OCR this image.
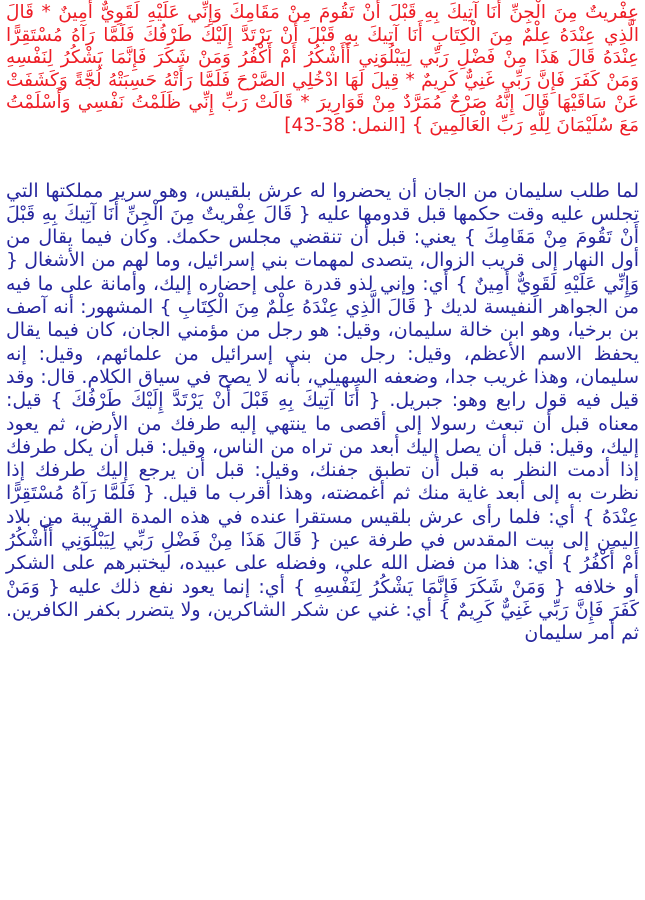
عِفْريتٌ مِنَ الْجِنِّ أَنَا آتِيكَ بِهِ قَبْلَ أَنْ تَقُومَ مِنْ مَقَامِكَ وَإِنِّي عَلَيْهِ لَقَوِيٌّ أَمِينٌ * قَالَ الَّذِي عِنْدَهُ عِلْمٌ مِنَ الْكِتَابِ أَنَا آتِيكَ بِهِ قَبْلَ أَنْ يَرْتَدَّ إِلَيْكَ طَرْفُكَ فَلَمَّا رَآهُ مُسْتَقِرًّا عِنْدَهُ قَالَ هَذَا مِنْ فَضْلِ رَبِّي لِيَبْلُوَنِي أَأَشْكُرُ أَمْ أَكْفُرُ وَمَنْ شَكَرَ فَإِنَّمَا يَشْكُرُ لِنَفْسِهِ وَمَنْ كَفَرَ فَإِنَّ رَبِّي غَنِيٌّ كَرِيمٌ * قِيلَ لَهَا ادْخُلِي الصَّرْحَ فَلَمَّا رَأَتْهُ حَسِبَتْهُ لُجَّةً وَكَشَفَتْ عَنْ سَاقَيْهَا قَالَ إِنَّهُ صَرْحٌ مُمَرَّدٌ مِنْ قَوَارِيرَ * قَالَتْ رَبِّ إِنِّي ظَلَمْتُ نَفْسِي وَأَسْلَمْتُ مَعَ سُلَيْمَانَ لِلَّهِ رَبِّ الْعَالَمِينَ } [النمل: 38-43]

لما طلب سليمان من الجان أن يحضروا له عرش بلقيس، وهو سرير مملكتها التي تجلس عليه وقت حكمها قبل قدومها عليه { قَالَ عِفْريتٌ مِنَ الْجِنِّ أَنَا آتِيكَ بِهِ قَبْلَ أَنْ تَقُومَ مِنْ مَقَامِكَ } يعني: قبل أن تنقضي مجلس حكمك. وكان فيما يقال من أول النهار إلى قريب الزوال، يتصدى لمهمات بني إسرائيل، وما لهم من الأشغال { وَإِنِّي عَلَيْهِ لَقَوِيٌّ أَمِينٌ } أي: وإني لذو قدرة على إحضاره إليك، وأمانة على ما فيه من الجواهر النفيسة لديك { قَالَ الَّذِي عِنْدَهُ عِلْمٌ مِنَ الْكِتَابِ } المشهور: أنه آصف بن برخيا، وهو ابن خالة سليمان، وقيل: هو رجل من مؤمني الجان، كان فيما يقال يحفظ الاسم الأعظم، وقيل: رجل من بني إسرائيل من علمائهم، وقيل: إنه سليمان، وهذا غريب جدا، وضعفه السهيلي، بأنه لا يصح في سياق الكلام. قال: وقد قيل فيه قول رابع وهو: جبريل. { أَنَا آتِيكَ بِهِ قَبْلَ أَنْ يَرْتَدَّ إِلَيْكَ طَرْفُكَ } قيل: معناه قبل أن تبعث رسولا إلى أقصى ما ينتهي إليه طرفك من الأرض، ثم يعود إليك، وقيل: قبل أن يصل إليك أبعد من تراه من الناس، وقيل: قبل أن يكل طرفك إذا أدمت النظر به قبل أن تطبق جفنك، وقيل: قبل أن يرجع إليك طرفك إذا نظرت به إلى أبعد غاية منك ثم أغمضته، وهذا أقرب ما قيل. { فَلَمَّا رَآهُ مُسْتَقِرًّا عِنْدَهُ } أي: فلما رأى عرش بلقيس مستقرا عنده في هذه المدة القريبة من بلاد اليمن إلى بيت المقدس في طرفة عين { قَالَ هَذَا مِنْ فَضْلِ رَبِّي لِيَبْلُوَنِي أَأَشْكُرُ أَمْ أَكْفُرُ } أي: هذا من فضل الله علي، وفضله على عبيده، ليختبرهم على الشكر أو خلافه { وَمَنْ شَكَرَ فَإِنَّمَا يَشْكُرُ لِنَفْسِهِ } أي: إنما يعود نفع ذلك عليه { وَمَنْ كَفَرَ فَإِنَّ رَبِّي غَنِيٌّ كَرِيمٌ } أي: غني عن شكر الشاكرين، ولا يتضرر بكفر الكافرين. ثم أمر سليمان
